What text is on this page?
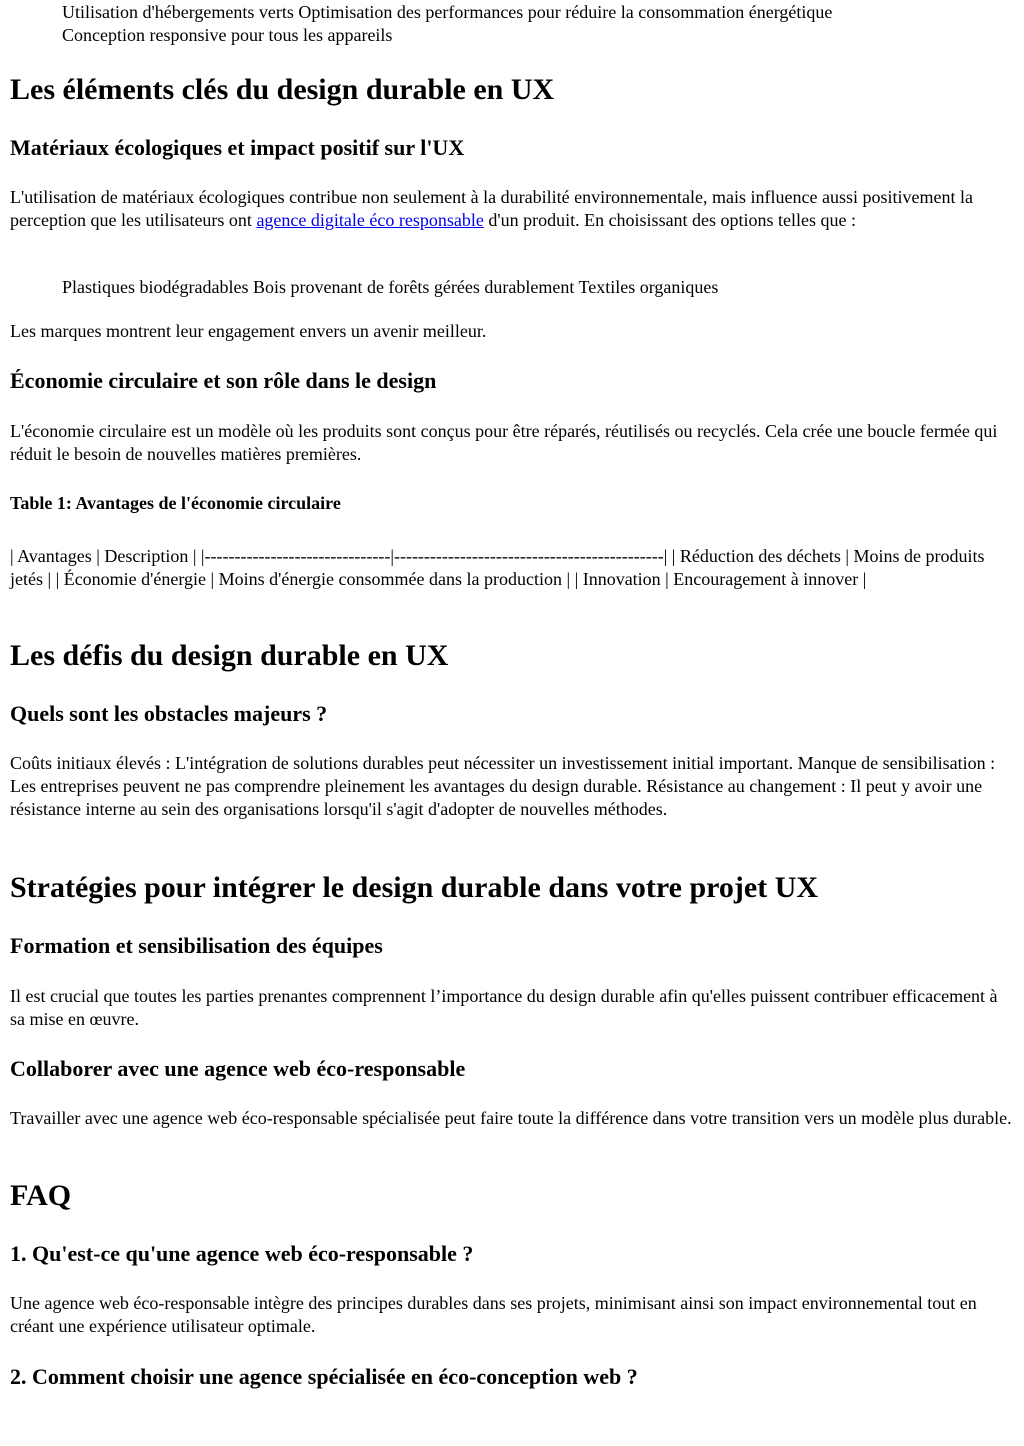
Utilisation d'hébergements verts Optimisation des performances pour réduire la consommation énergétique

Conception responsive pour tous les appareils

Les éléments clés du design durable en UX
Matériaux écologiques et impact positif sur l'UX

L'utilisation de matériaux écologiques contribue non seulement à la durabilité environnementale, mais influence aussi positivement la perception que les utilisateurs ont agence digitale éco responsable d'un produit. En choisissant des options telles que :

Plastiques biodégradables Bois provenant de forêts gérées durablement Textiles organiques

Les marques montrent leur engagement envers un avenir meilleur.

Économie circulaire et son rôle dans le design

L'économie circulaire est un modèle où les produits sont conçus pour être réparés, réutilisés ou recyclés. Cela crée une boucle fermée qui réduit le besoin de nouvelles matières premières.

Table 1: Avantages de l'économie circulaire

| Avantages | Description | |-------------------------------|---------------------------------------------| | Réduction des déchets | Moins de produits jetés | | Économie d'énergie | Moins d'énergie consommée dans la production | | Innovation | Encouragement à innover |

Les défis du design durable en UX
Quels sont les obstacles majeurs ?

Coûts initiaux élevés : L'intégration de solutions durables peut nécessiter un investissement initial important. Manque de sensibilisation : Les entreprises peuvent ne pas comprendre pleinement les avantages du design durable. Résistance au changement : Il peut y avoir une résistance interne au sein des organisations lorsqu'il s'agit d'adopter de nouvelles méthodes.

Stratégies pour intégrer le design durable dans votre projet UX
Formation et sensibilisation des équipes

Il est crucial que toutes les parties prenantes comprennent l’importance du design durable afin qu'elles puissent contribuer efficacement à sa mise en œuvre.

Collaborer avec une agence web éco-responsable

Travailler avec une agence web éco-responsable spécialisée peut faire toute la différence dans votre transition vers un modèle plus durable.

FAQ
1. Qu'est-ce qu'une agence web éco-responsable ?

Une agence web éco-responsable intègre des principes durables dans ses projets, minimisant ainsi son impact environnemental tout en créant une expérience utilisateur optimale.

2. Comment choisir une agence spécialisée en éco-conception web ?
